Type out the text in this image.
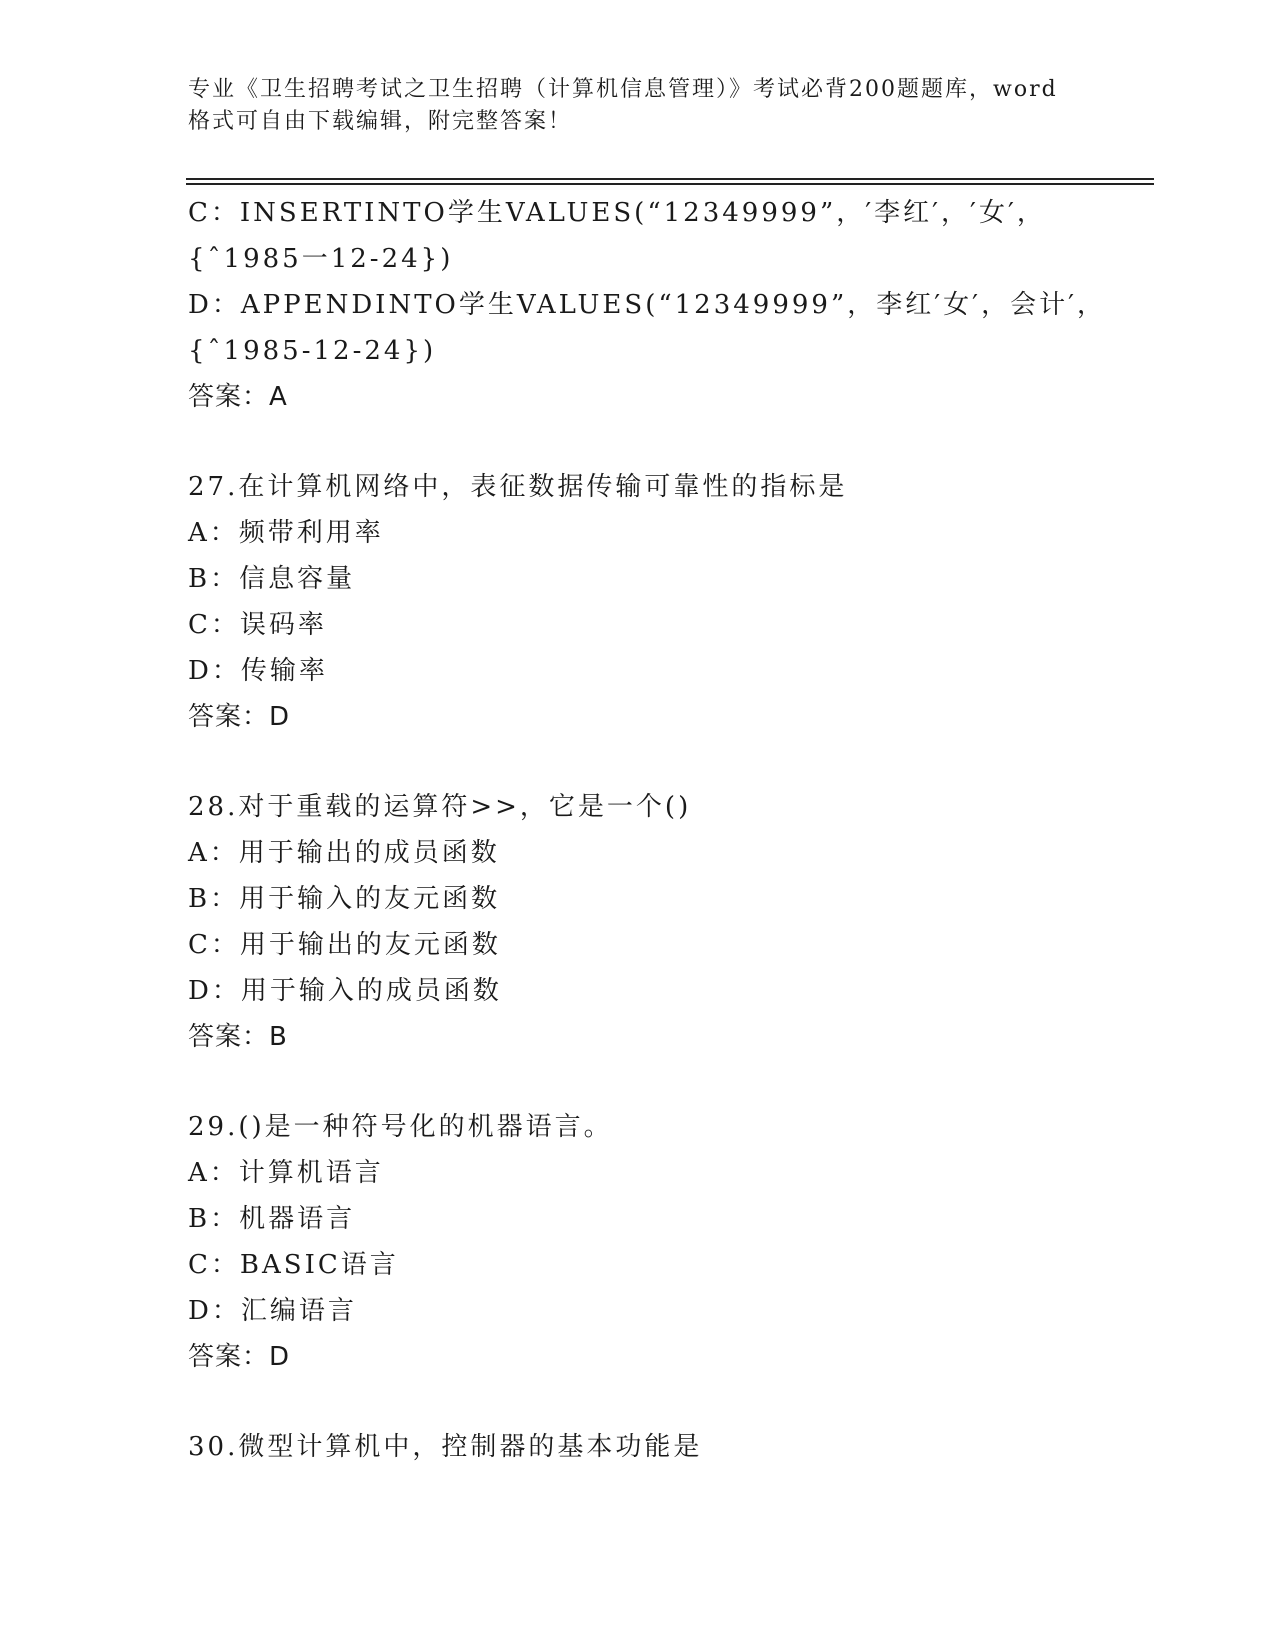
专业《卫生招聘考试之卫生招聘（计算机信息管理）》考试必背200题题库，word
格式可自由下载编辑，附完整答案！
C：INSERTINTO学生VALUES(“12349999”，′李红′，′女′，
{ˆ1985一12-24})
D：APPENDINTO学生VALUES(“12349999”，李红′女′，会计′，
{ˆ1985-12-24})
答案：A
27.在计算机网络中，表征数据传输可靠性的指标是
A：频带利用率
B：信息容量
C：误码率
D：传输率
答案：D
28.对于重载的运算符>>，它是一个()
A：用于输出的成员函数
B：用于输入的友元函数
C：用于输出的友元函数
D：用于输入的成员函数
答案：B
29.()是一种符号化的机器语言。
A：计算机语言
B：机器语言
C：BASIC语言
D：汇编语言
答案：D
30.微型计算机中，控制器的基本功能是
